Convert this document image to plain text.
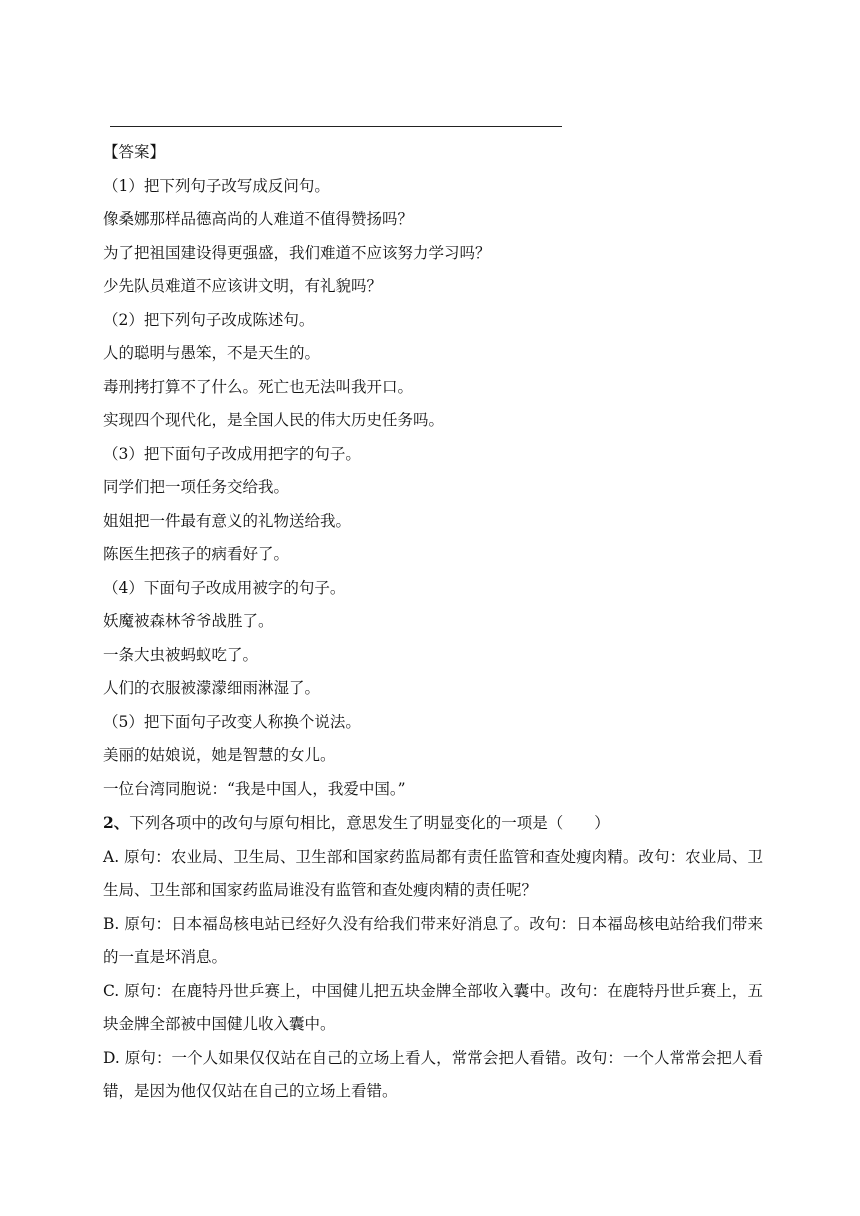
【答案】
（1）把下列句子改写成反问句。
像桑娜那样品德高尚的人难道不值得赞扬吗？
为了把祖国建设得更强盛，我们难道不应该努力学习吗？
少先队员难道不应该讲文明，有礼貌吗？
（2）把下列句子改成陈述句。
人的聪明与愚笨，不是天生的。
毒刑拷打算不了什么。死亡也无法叫我开口。
实现四个现代化，是全国人民的伟大历史任务吗。
（3）把下面句子改成用把字的句子。
同学们把一项任务交给我。
姐姐把一件最有意义的礼物送给我。
陈医生把孩子的病看好了。
（4）下面句子改成用被字的句子。
妖魔被森林爷爷战胜了。
一条大虫被蚂蚁吃了。
人们的衣服被濛濛细雨淋湿了。
（5）把下面句子改变人称换个说法。
美丽的姑娘说，她是智慧的女儿。
一位台湾同胞说：“我是中国人，我爱中国。”
2、下列各项中的改句与原句相比，意思发生了明显变化的一项是（　　）
A. 原句：农业局、卫生局、卫生部和国家药监局都有责任监管和查处瘦肉精。改句：农业局、卫生局、卫生部和国家药监局谁没有监管和查处瘦肉精的责任呢？
B. 原句：日本福岛核电站已经好久没有给我们带来好消息了。改句：日本福岛核电站给我们带来的一直是坏消息。
C. 原句：在鹿特丹世乒赛上，中国健儿把五块金牌全部收入囊中。改句：在鹿特丹世乒赛上，五块金牌全部被中国健儿收入囊中。
D. 原句：一个人如果仅仅站在自己的立场上看人，常常会把人看错。改句：一个人常常会把人看错，是因为他仅仅站在自己的立场上看错。
